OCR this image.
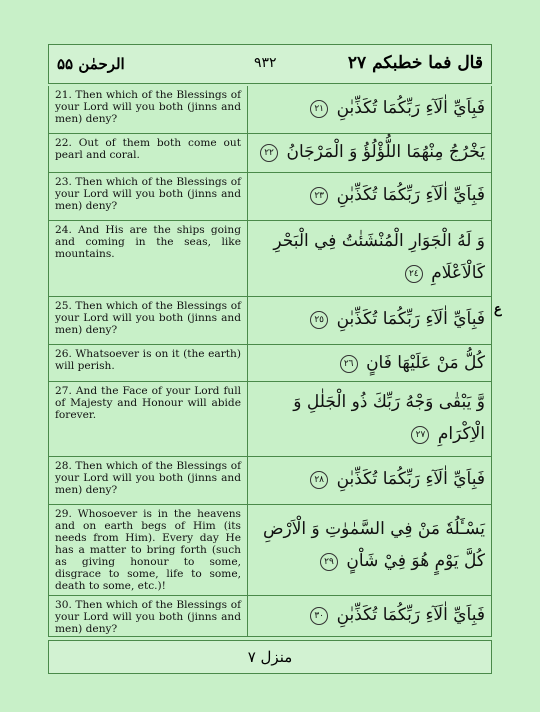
قال فما خطبكم ٢٧
٩٣٢
الرحمٰن ۵۵
21. Then which of the Blessings of your Lord will you both (jinns and men) deny?
فَبِاَيِّ اٰلَآءِ رَبِّكُمَا تُكَذِّبٰنِ ٢١
22. Out of them both come out pearl and coral.	يَخْرُجُ مِنْهُمَا اللُّؤْلُؤُ وَ الْمَرْجَانُ ٢٢
23. Then which of the Blessings of your Lord will you both (jinns and men) deny?
فَبِاَيِّ اٰلَآءِ رَبِّكُمَا تُكَذِّبٰنِ ٢٣
24. And His are the ships going and coming in the seas, like mountains.
وَ لَهُ الْجَوَارِ الْمُنْشَئٰتُ فِي الْبَحْرِ كَالْاَعْلَامِ ٢٤
25. Then which of the Blessings of your Lord will you both (jinns and men) deny?
فَبِاَيِّ اٰلَآءِ رَبِّكُمَا تُكَذِّبٰنِ ٢٥
26. Whatsoever is on it (the earth) will perish.	كُلُّ مَنْ عَلَيْهَا فَانٍ ٢٦
27. And the Face of your Lord full of Majesty and Honour will abide forever.
وَّ يَبْقٰى وَجْهُ رَبِّكَ ذُو الْجَلٰلِ وَ الْاِكْرَامِ ٢٧
28. Then which of the Blessings of your Lord will you both (jinns and men) deny?
فَبِاَيِّ اٰلَآءِ رَبِّكُمَا تُكَذِّبٰنِ ٢٨
29. Whosoever is in the heavens and on earth begs of Him (its needs from Him). Every day He has a matter to bring forth (such as giving honour to some, disgrace to some, life to some, death to some, etc.)!
يَسْـَٔلُهٗ مَنْ فِي السَّمٰوٰتِ وَ الْاَرْضِ كُلَّ يَوْمٍ هُوَ فِيْ شَاْنٍ ٢٩
30. Then which of the Blessings of your Lord will you both (jinns and men) deny?
فَبِاَيِّ اٰلَآءِ رَبِّكُمَا تُكَذِّبٰنِ ٣٠
ع
منزل ٧
